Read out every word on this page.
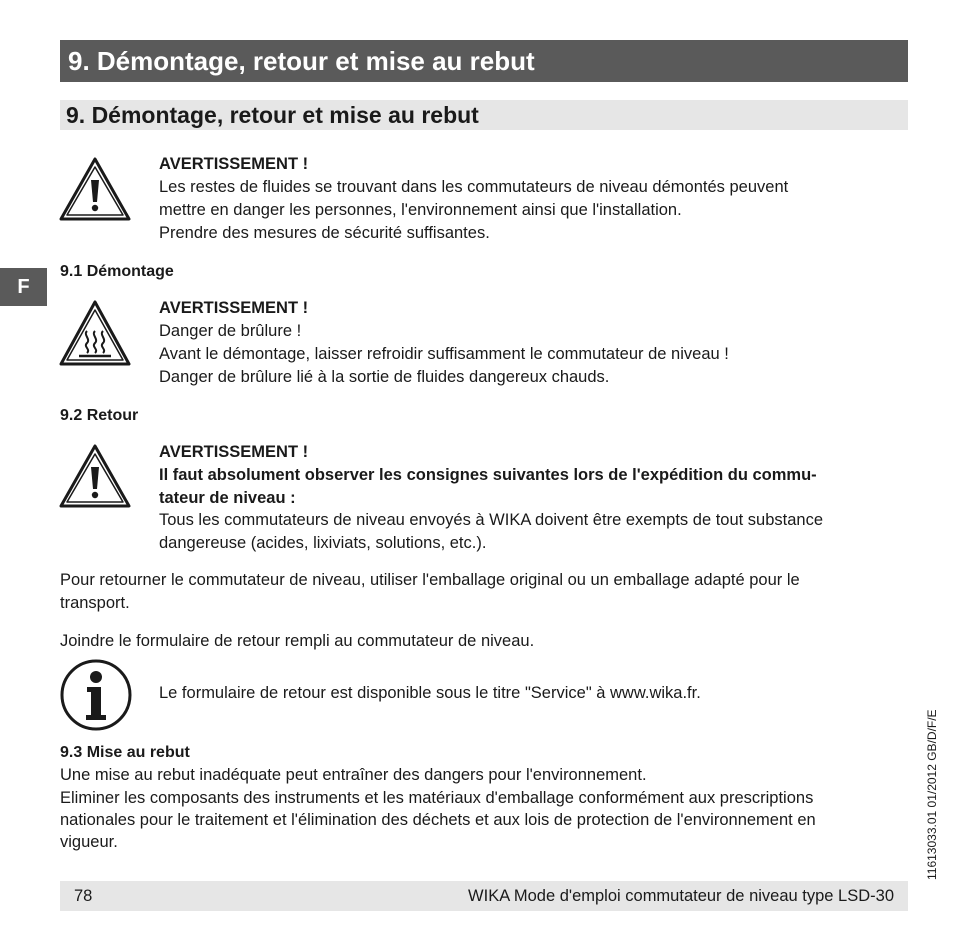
9. Démontage, retour et mise au rebut
9. Démontage, retour et mise au rebut
F
AVERTISSEMENT !
Les restes de fluides se trouvant dans les commutateurs de niveau démontés peuvent
mettre en danger les personnes, l'environnement ainsi que l'installation.
Prendre des mesures de sécurité suffisantes.
9.1 Démontage
AVERTISSEMENT !
Danger de brûlure !
Avant le démontage, laisser refroidir suffisamment le commutateur de niveau !
Danger de brûlure lié à la sortie de fluides dangereux chauds.
9.2 Retour
AVERTISSEMENT !
Il faut absolument observer les consignes suivantes lors de l'expédition du commu-
tateur de niveau :
Tous les commutateurs de niveau envoyés à WIKA doivent être exempts de tout substance
dangereuse (acides, lixiviats, solutions, etc.).
Pour retourner le commutateur de niveau, utiliser l'emballage original ou un emballage adapté pour le
transport.
Joindre le formulaire de retour rempli au commutateur de niveau.
Le formulaire de retour est disponible sous le titre "Service" à www.wika.fr.
9.3 Mise au rebut
Une mise au rebut inadéquate peut entraîner des dangers pour l'environnement.
Eliminer les composants des instruments et les matériaux d'emballage conformément aux prescriptions
nationales pour le traitement et l'élimination des déchets et aux lois de protection de l'environnement en
vigueur.
78	WIKA Mode d'emploi commutateur de niveau type LSD-30
11613033.01 01/2012 GB/D/F/E
